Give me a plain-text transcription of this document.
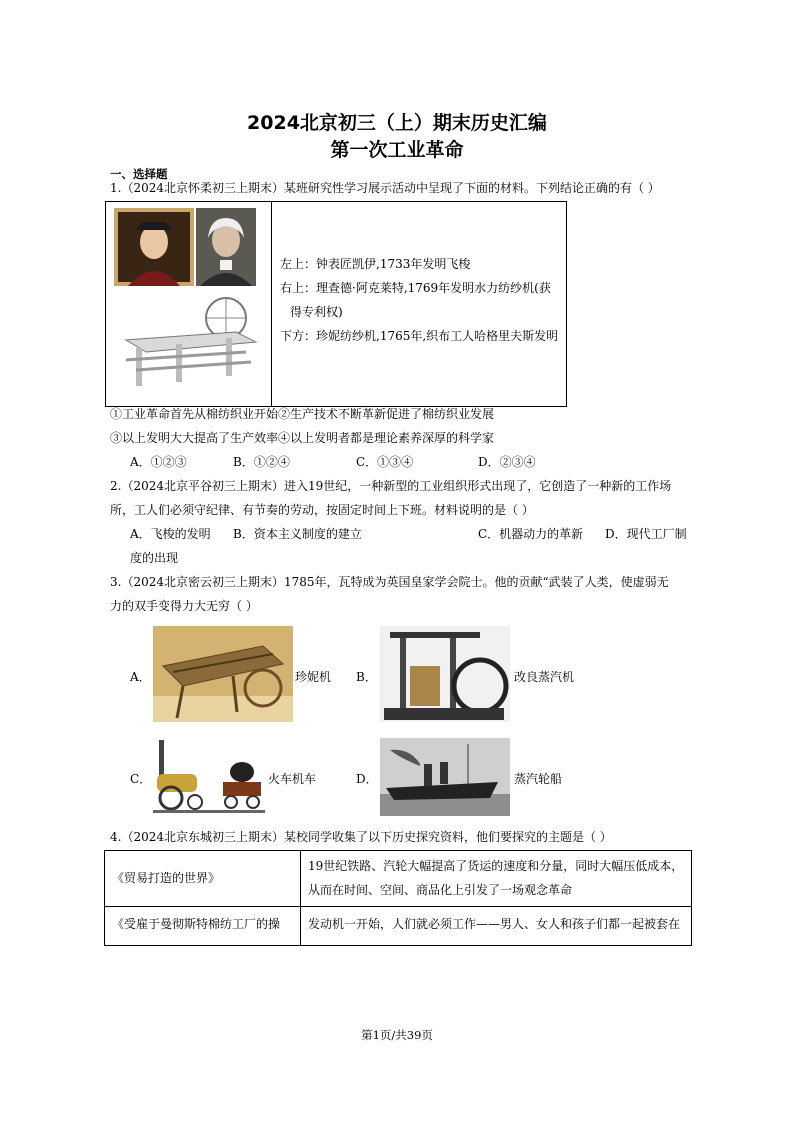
2024北京初三（上）期末历史汇编
第一次工业革命
一、选择题
1.（2024北京怀柔初三上期末）某班研究性学习展示活动中呈现了下面的材料。下列结论正确的有（ ）
左上：钟表匠凯伊,1733年发明飞梭
右上：理查德·阿克莱特,1769年发明水力纺纱机(获
得专利权)
下方：珍妮纺纱机,1765年,织布工人哈格里夫斯发明
①工业革命首先从棉纺织业开始②生产技术不断革新促进了棉纺织业发展
③以上发明大大提高了生产效率④以上发明者都是理论素养深厚的科学家
A．①②③	B．①②④	C．①③④	D．②③④
2.（2024北京平谷初三上期末）进入19世纪，一种新型的工业组织形式出现了，它创造了一种新的工作场
所，工人们必须守纪律、有节奏的劳动，按固定时间上下班。材料说明的是（ ）
A．飞梭的发明 B．资本主义制度的建立	C．机器动力的革新 D．现代工厂制
度的出现
3.（2024北京密云初三上期末）1785年，瓦特成为英国皇家学会院士。他的贡献“武装了人类，使虚弱无
力的双手变得力大无穷（ ）
A．	珍妮机 B．	改良蒸汽机
C．	火车机车	D．	蒸汽轮船
4.（2024北京东城初三上期末）某校同学收集了以下历史探究资料，他们要探究的主题是（ ）
《贸易打造的世界》
19世纪铁路、汽轮大幅提高了货运的速度和分量，同时大幅压低成本，
从而在时间、空间、商品化上引发了一场观念革命
《受雇于曼彻斯特棉纺工厂的操 发动机一开始，人们就必须工作——男人、女人和孩子们都一起被套在
第1页/共39页
